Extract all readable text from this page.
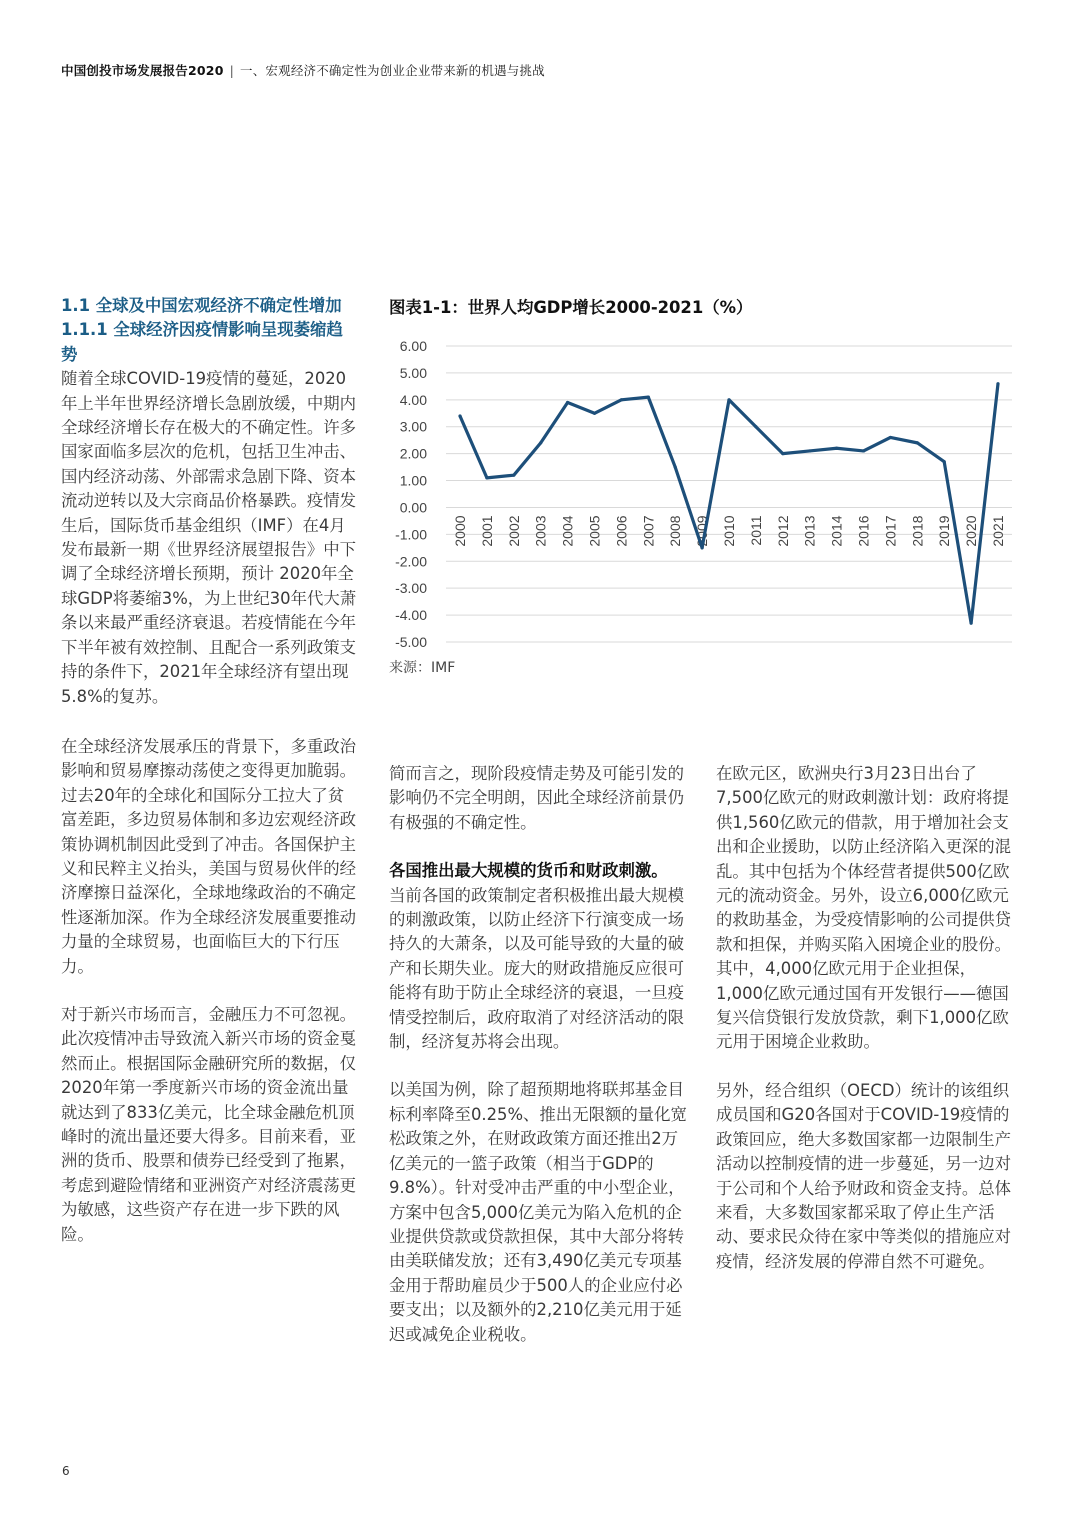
中国创投市场发展报告2020 | 一、宏观经济不确定性为创业企业带来新的机遇与挑战

1.1 全球及中国宏观经济不确定性增加

1.1.1 全球经济因疫情影响呈现萎缩趋势

随着全球COVID-19疫情的蔓延，2020年上半年世界经济增长急剧放缓，中期内全球经济增长存在极大的不确定性。许多国家面临多层次的危机，包括卫生冲击、国内经济动荡、外部需求急剧下降、资本流动逆转以及大宗商品价格暴跌。疫情发生后，国际货币基金组织（IMF）在4月发布最新一期《世界经济展望报告》中下调了全球经济增长预期，预计 2020年全球GDP将萎缩3%，为上世纪30年代大萧条以来最严重经济衰退。若疫情能在今年下半年被有效控制、且配合一系列政策支持的条件下，2021年全球经济有望出现5.8%的复苏。

在全球经济发展承压的背景下，多重政治影响和贸易摩擦动荡使之变得更加脆弱。过去20年的全球化和国际分工拉大了贫富差距，多边贸易体制和多边宏观经济政策协调机制因此受到了冲击。各国保护主义和民粹主义抬头，美国与贸易伙伴的经济摩擦日益深化，全球地缘政治的不确定性逐渐加深。作为全球经济发展重要推动力量的全球贸易，也面临巨大的下行压力。

对于新兴市场而言，金融压力不可忽视。此次疫情冲击导致流入新兴市场的资金戛然而止。根据国际金融研究所的数据，仅2020年第一季度新兴市场的资金流出量就达到了833亿美元，比全球金融危机顶峰时的流出量还要大得多。目前来看，亚洲的货币、股票和债券已经受到了拖累，考虑到避险情绪和亚洲资产对经济震荡更为敏感，这些资产存在进一步下跌的风险。

图表1-1：世界人均GDP增长2000-2021（%）
6.00
5.00
4.00
3.00
2.00
1.00
0.00
-1.00
-2.00
-3.00
-4.00
-5.00
2000 2001 2002 2003 2004 2005 2006 2007 2008 2009 2010 2011 2012 2013 2014 2016 2017 2018 2019 2020 2021
来源：IMF

简而言之，现阶段疫情走势及可能引发的影响仍不完全明朗，因此全球经济前景仍有极强的不确定性。

各国推出最大规模的货币和财政刺激。

当前各国的政策制定者积极推出最大规模的刺激政策，以防止经济下行演变成一场持久的大萧条，以及可能导致的大量的破产和长期失业。庞大的财政措施反应很可能将有助于防止全球经济的衰退，一旦疫情受控制后，政府取消了对经济活动的限制，经济复苏将会出现。

以美国为例，除了超预期地将联邦基金目标利率降至0.25%、推出无限额的量化宽松政策之外，在财政政策方面还推出2万亿美元的一篮子政策（相当于GDP的9.8%）。针对受冲击严重的中小型企业，方案中包含5,000亿美元为陷入危机的企业提供贷款或贷款担保，其中大部分将转由美联储发放；还有3,490亿美元专项基金用于帮助雇员少于500人的企业应付必要支出；以及额外的2,210亿美元用于延迟或减免企业税收。

在欧元区，欧洲央行3月23日出台了7,500亿欧元的财政刺激计划：政府将提供1,560亿欧元的借款，用于增加社会支出和企业援助，以防止经济陷入更深的混乱。其中包括为个体经营者提供500亿欧元的流动资金。另外，设立6,000亿欧元的救助基金，为受疫情影响的公司提供贷款和担保，并购买陷入困境企业的股份。其中，4,000亿欧元用于企业担保，1,000亿欧元通过国有开发银行——德国复兴信贷银行发放贷款，剩下1,000亿欧元用于困境企业救助。

另外，经合组织（OECD）统计的该组织成员国和G20各国对于COVID-19疫情的政策回应，绝大多数国家都一边限制生产活动以控制疫情的进一步蔓延，另一边对于公司和个人给予财政和资金支持。总体来看，大多数国家都采取了停止生产活动、要求民众待在家中等类似的措施应对疫情，经济发展的停滞自然不可避免。

6
